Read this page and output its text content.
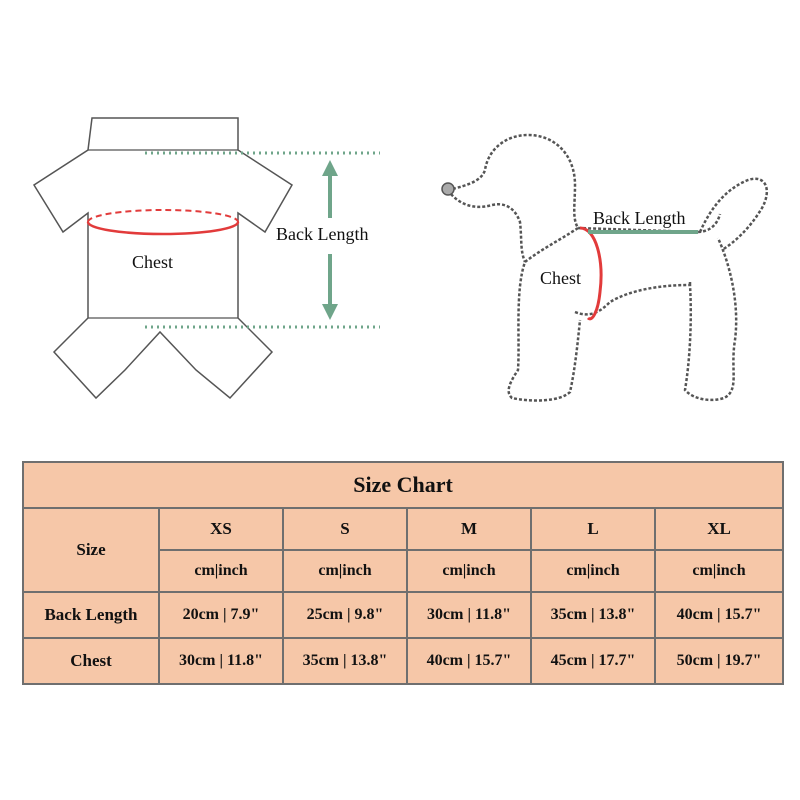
Chest
Back Length
Back Length
Chest
Size Chart					
Size	XS	S	M	L	XL
	cm|inch	cm|inch	cm|inch	cm|inch	cm|inch
Back Length	20cm | 7.9"	25cm | 9.8"	30cm | 11.8"	35cm | 13.8"	40cm | 15.7"
Chest	30cm | 11.8"	35cm | 13.8"	40cm | 15.7"	45cm | 17.7"	50cm | 19.7"
